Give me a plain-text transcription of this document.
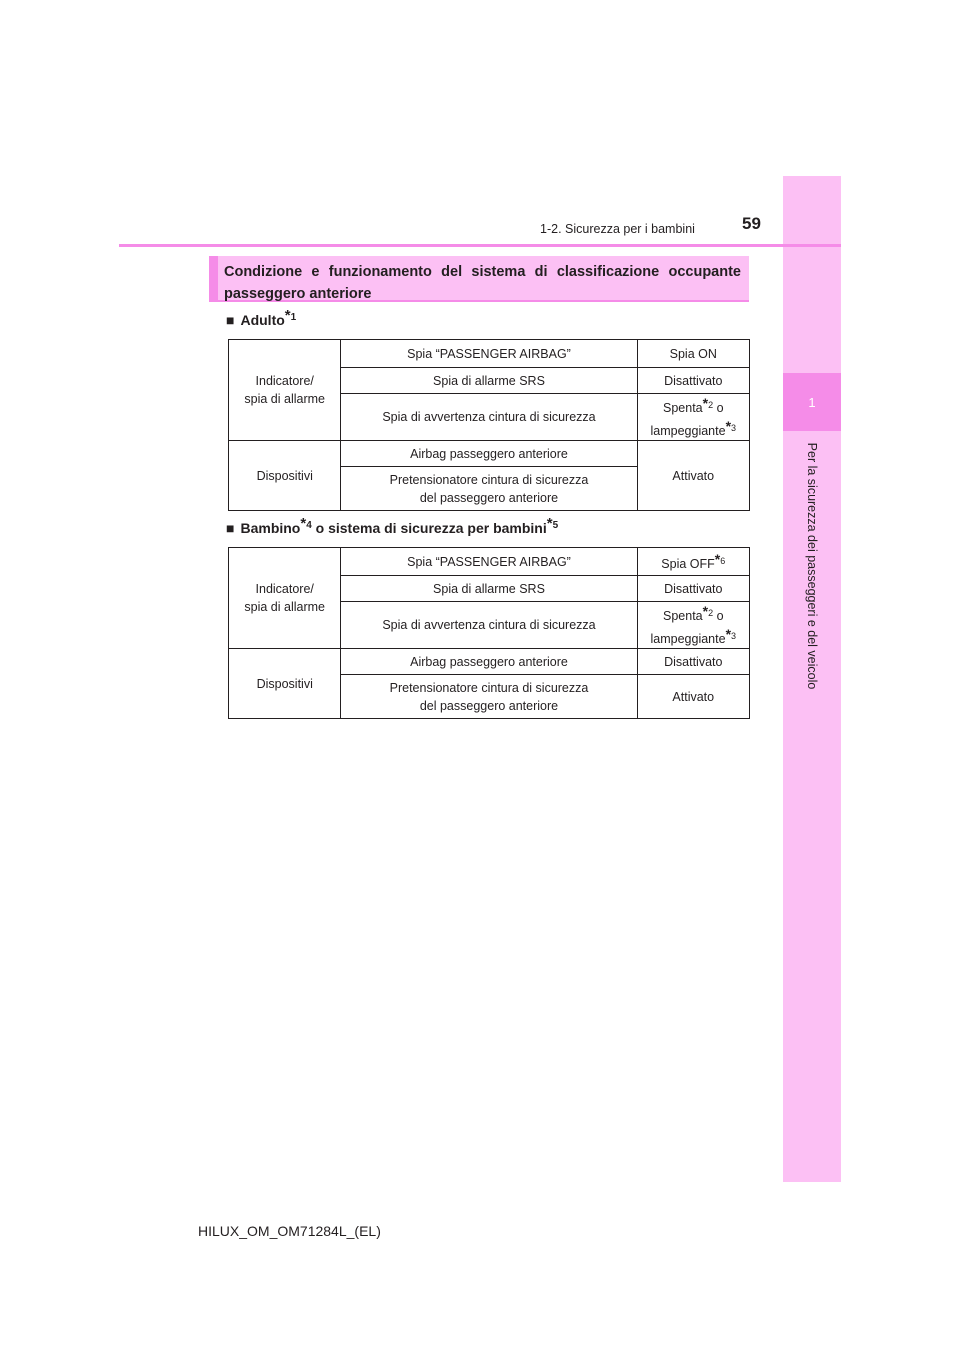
1
Per la sicurezza dei passeggeri e del veicolo
1-2. Sicurezza per i bambini	59
Condizione e funzionamento del sistema di classificazione occupante passeggero anteriore
■ Adulto$^{*1}$
Indicatore/
spia di allarme	Spia “PASSENGER AIRBAG”	Spia ON
	Spia di allarme SRS	Disattivato
	Spia di avvertenza cintura di sicurezza	Spenta$^{*2}$ o
lampeggiante$^{*3}$
Dispositivi	Airbag passeggero anteriore	Attivato
	Pretensionatore cintura di sicurezza
del passeggero anteriore	
■ Bambino$^{*4}$ o sistema di sicurezza per bambini$^{*5}$
Indicatore/
spia di allarme	Spia “PASSENGER AIRBAG”	Spia OFF$^{*6}$
	Spia di allarme SRS	Disattivato
	Spia di avvertenza cintura di sicurezza	Spenta$^{*2}$ o
lampeggiante$^{*3}$
Dispositivi	Airbag passeggero anteriore	Disattivato
	Pretensionatore cintura di sicurezza
del passeggero anteriore	Attivato
HILUX_OM_OM71284L_(EL)
